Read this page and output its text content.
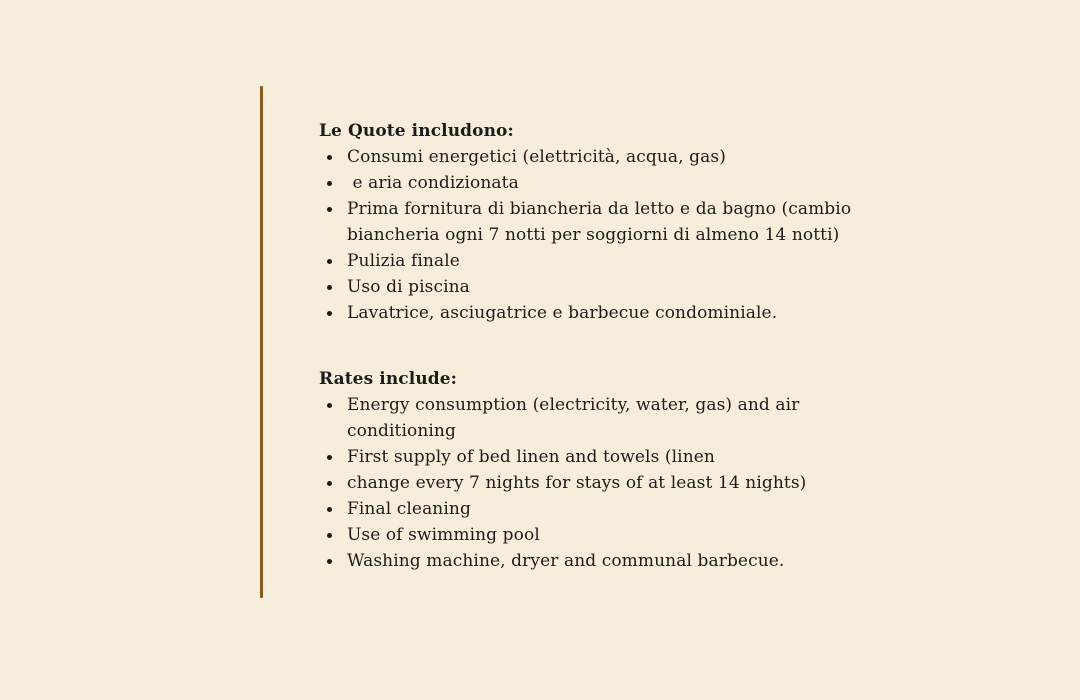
Le Quote includono:

Consumi energetici (elettricità, acqua, gas)
e aria condizionata
Prima fornitura di biancheria da letto e da bagno (cambio biancheria ogni 7 notti per soggiorni di almeno 14 notti)
Pulizia finale
Uso di piscina
Lavatrice, asciugatrice e barbecue condominiale.

Rates include:

Energy consumption (electricity, water, gas) and air conditioning
First supply of bed linen and towels (linen
change every 7 nights for stays of at least 14 nights)
Final cleaning
Use of swimming pool
Washing machine, dryer and communal barbecue.
